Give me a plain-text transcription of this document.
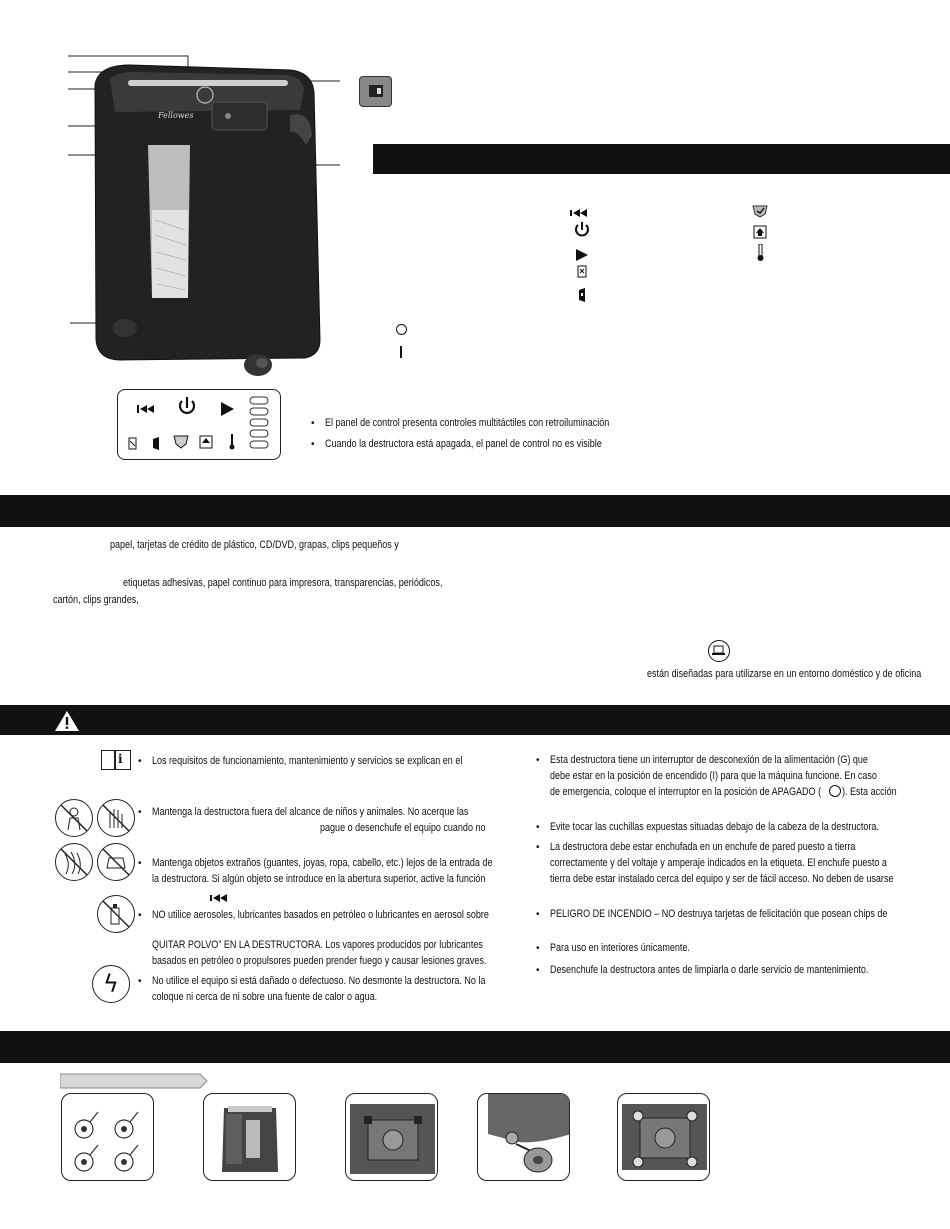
Fellowes
• El panel de control presenta controles multitáctiles con retroiluminación
• Cuando la destructora está apagada, el panel de control no es visible
papel, tarjetas de crédito de plástico, CD/DVD, grapas, clips pequeños y
etiquetas adhesivas, papel continuo para impresora, transparencias, periódicos,
cartón, clips grandes,
están diseñadas para utilizarse en un entorno doméstico y de oficina
i
ϟ
• Los requisitos de funcionamiento, mantenimiento y servicios se explican en el
• Mantenga la destructora fuera del alcance de niños y animales. No acerque las
pague o desenchufe el equipo cuando no
• Mantenga objetos extraños (guantes, joyas, ropa, cabello, etc.) lejos de la entrada de
la destructora. Si algún objeto se introduce en la abertura superior, active la función
• NO utilice aerosoles, lubricantes basados en petróleo o lubricantes en aerosol sobre
QUITAR POLVO” EN LA DESTRUCTORA. Los vapores producidos por lubricantes
basados en petróleo o propulsores pueden prender fuego y causar lesiones graves.
• No utilice el equipo si está dañado o defectuoso. No desmonte la destructora. No la
coloque ni cerca de ni sobre una fuente de calor o agua.
• Esta destructora tiene un interruptor de desconexión de la alimentación (G) que
debe estar en la posición de encendido (I) para que la máquina funcione. En caso
de emergencia, coloque el interruptor en la posición de APAGADO ( ). Esta acción
• Evite tocar las cuchillas expuestas situadas debajo de la cabeza de la destructora.
• La destructora debe estar enchufada en un enchufe de pared puesto a tierra
correctamente y del voltaje y amperaje indicados en la etiqueta. El enchufe puesto a
tierra debe estar instalado cerca del equipo y ser de fácil acceso. No deben de usarse
• PELIGRO DE INCENDIO – NO destruya tarjetas de felicitación que posean chips de
• Para uso en interiores únicamente.
• Desenchufe la destructora antes de limpiarla o darle servicio de mantenimiento.
